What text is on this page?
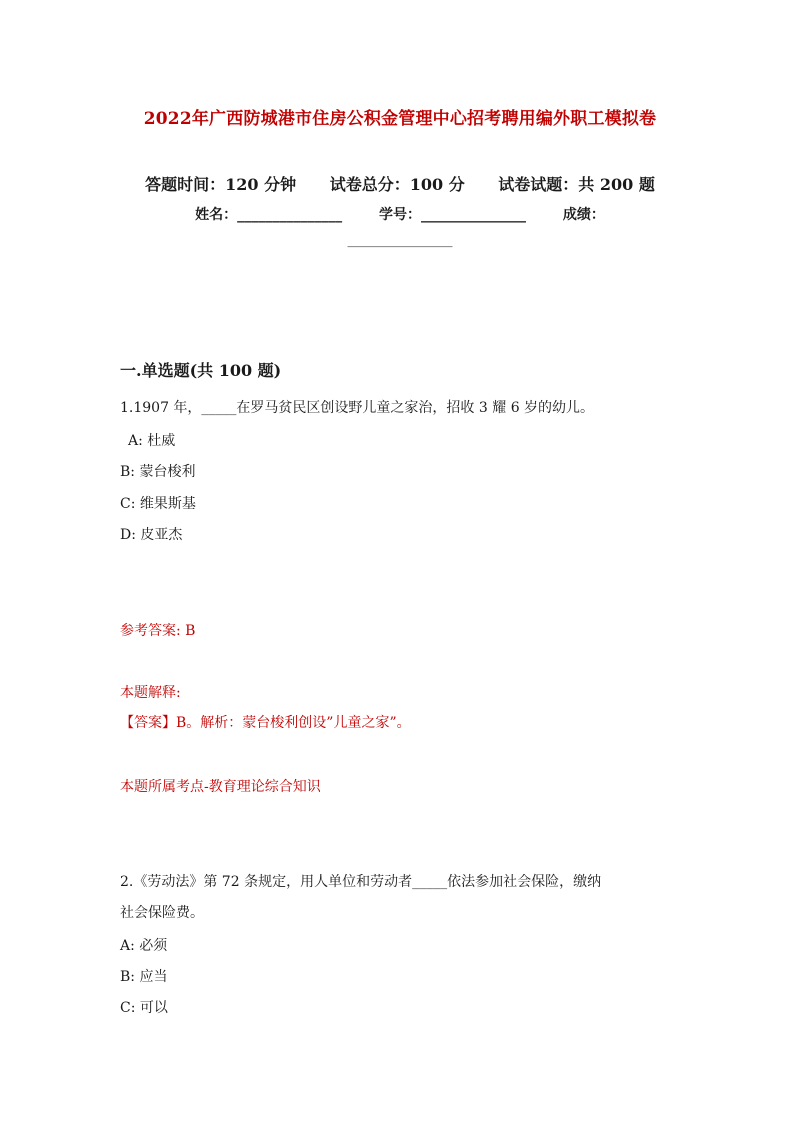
2022年广西防城港市住房公积金管理中心招考聘用编外职工模拟卷
答题时间：120 分钟 试卷总分：100 分 试卷试题：共 200 题
姓名：_______________	学号：_______________	成绩：
_______________
一.单选题(共 100 题)
1.1907 年，_____在罗马贫民区创设野儿童之家治，招收 3 耀 6 岁的幼儿。
A: 杜威
B: 蒙台梭利
C: 维果斯基
D: 皮亚杰
参考答案: B
本题解释:
【答案】B。解析：蒙台梭利创设”儿童之家”。
本题所属考点-教育理论综合知识
2.《劳动法》第 72 条规定，用人单位和劳动者_____依法参加社会保险，缴纳
社会保险费。
A: 必须
B: 应当
C: 可以
